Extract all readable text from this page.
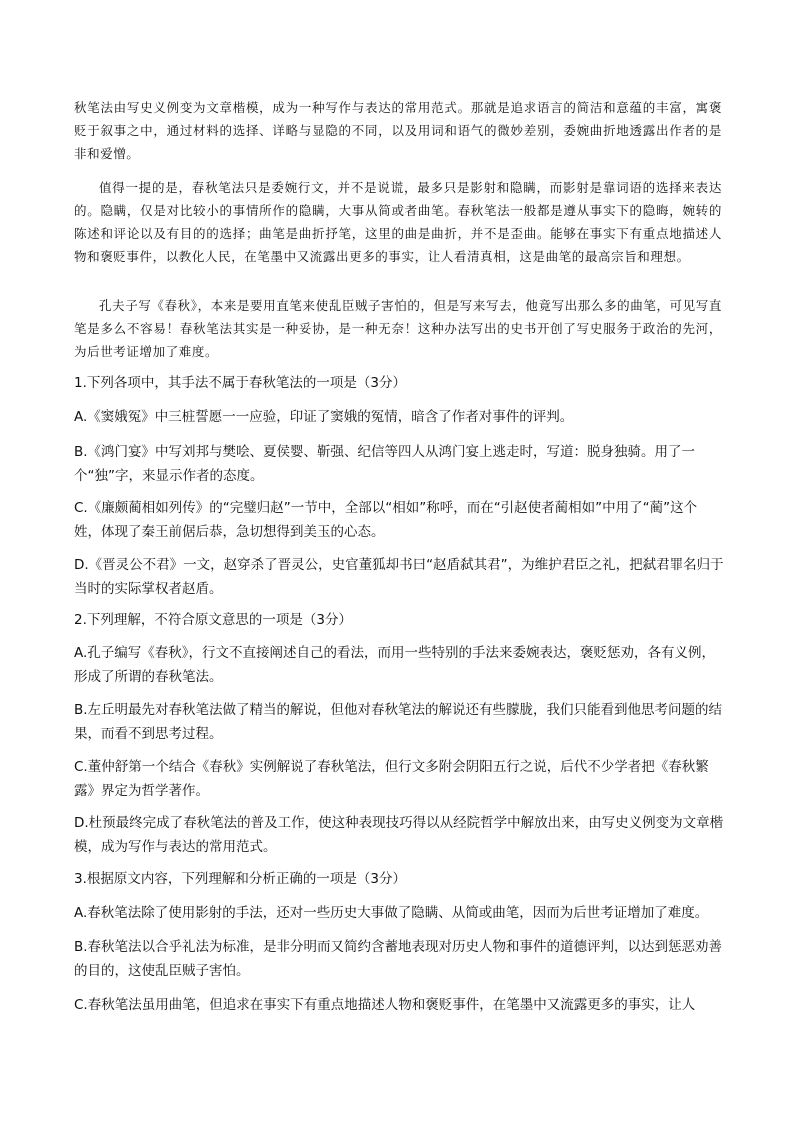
秋笔法由写史义例变为文章楷模，成为一种写作与表达的常用范式。那就是追求语言的简洁和意蕴的丰富，寓褒贬于叙事之中，通过材料的选择、详略与显隐的不同，以及用词和语气的微妙差别，委婉曲折地透露出作者的是非和爱憎。

值得一提的是，春秋笔法只是委婉行文，并不是说谎，最多只是影射和隐瞒，而影射是靠词语的选择来表达的。隐瞒，仅是对比较小的事情所作的隐瞒，大事从简或者曲笔。春秋笔法一般都是遵从事实下的隐晦，婉转的陈述和评论以及有目的的选择；曲笔是曲折抒笔，这里的曲是曲折，并不是歪曲。能够在事实下有重点地描述人物和褒贬事件，以教化人民，在笔墨中又流露出更多的事实，让人看清真相，这是曲笔的最高宗旨和理想。

孔夫子写《春秋》，本来是要用直笔来使乱臣贼子害怕的，但是写来写去，他竟写出那么多的曲笔，可见写直笔是多么不容易！春秋笔法其实是一种妥协，是一种无奈！这种办法写出的史书开创了写史服务于政治的先河，为后世考证增加了难度。

1.下列各项中，其手法不属于春秋笔法的一项是（3分）

A.《窦娥冤》中三桩誓愿一一应验，印证了窦娥的冤情，暗含了作者对事件的评判。

B.《鸿门宴》中写刘邦与樊哙、夏侯婴、靳强、纪信等四人从鸿门宴上逃走时，写道：脱身独骑。用了一个“独”字，来显示作者的态度。

C.《廉颇蔺相如列传》的“完璧归赵”一节中，全部以“相如”称呼，而在“引赵使者蔺相如”中用了“蔺”这个姓，体现了秦王前倨后恭，急切想得到美玉的心态。

D.《晋灵公不君》一文，赵穿杀了晋灵公，史官董狐却书曰“赵盾弑其君”，为维护君臣之礼，把弑君罪名归于当时的实际掌权者赵盾。

2.下列理解，不符合原文意思的一项是（3分）

A.孔子编写《春秋》，行文不直接阐述自己的看法，而用一些特别的手法来委婉表达，褒贬惩劝，各有义例，形成了所谓的春秋笔法。

B.左丘明最先对春秋笔法做了精当的解说，但他对春秋笔法的解说还有些朦胧，我们只能看到他思考问题的结果，而看不到思考过程。

C.董仲舒第一个结合《春秋》实例解说了春秋笔法，但行文多附会阴阳五行之说，后代不少学者把《春秋繁露》界定为哲学著作。

D.杜预最终完成了春秋笔法的普及工作，使这种表现技巧得以从经院哲学中解放出来，由写史义例变为文章楷模，成为写作与表达的常用范式。

3.根据原文内容，下列理解和分析正确的一项是（3分）

A.春秋笔法除了使用影射的手法，还对一些历史大事做了隐瞒、从简或曲笔，因而为后世考证增加了难度。

B.春秋笔法以合乎礼法为标准，是非分明而又简约含蓄地表现对历史人物和事件的道德评判，以达到惩恶劝善的目的，这使乱臣贼子害怕。

C.春秋笔法虽用曲笔，但追求在事实下有重点地描述人物和褒贬事件，在笔墨中又流露更多的事实，让人
